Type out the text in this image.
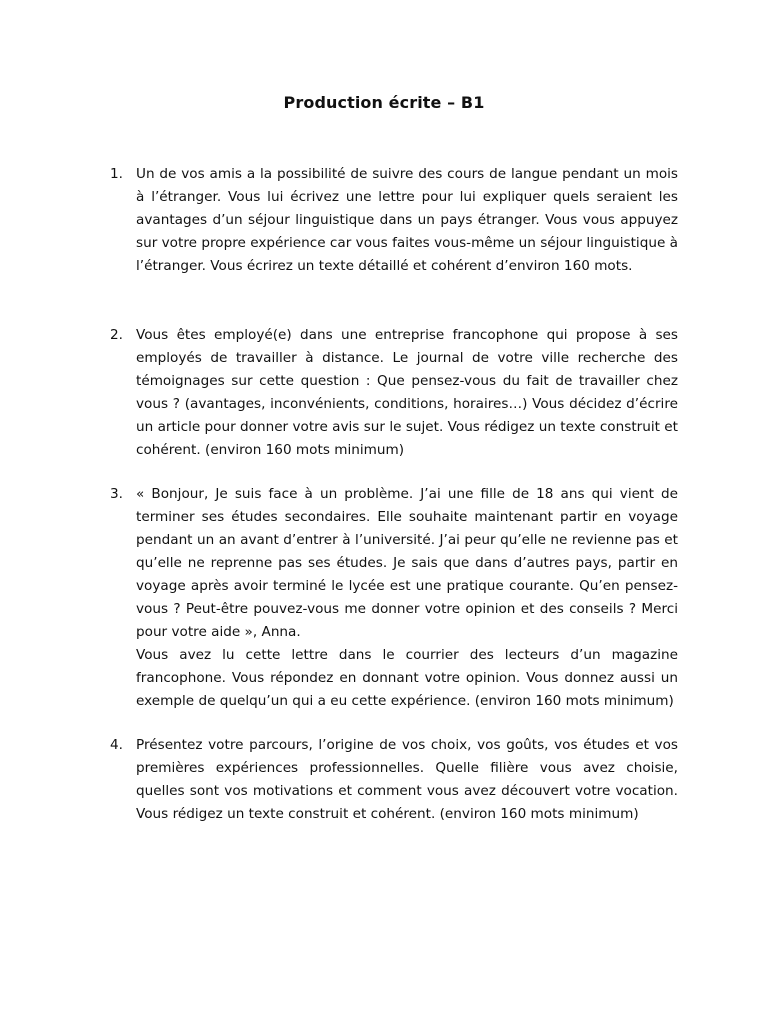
Production écrite – B1
1. Un de vos amis a la possibilité de suivre des cours de langue pendant un mois à l’étranger. Vous lui écrivez une lettre pour lui expliquer quels seraient les avantages d’un séjour linguistique dans un pays étranger. Vous vous appuyez sur votre propre expérience car vous faites vous-même un séjour linguistique à l’étranger. Vous écrirez un texte détaillé et cohérent d’environ 160 mots.

2. Vous êtes employé(e) dans une entreprise francophone qui propose à ses employés de travailler à distance. Le journal de votre ville recherche des témoignages sur cette question : Que pensez-vous du fait de travailler chez vous ? (avantages, inconvénients, conditions, horaires…) Vous décidez d’écrire un article pour donner votre avis sur le sujet. Vous rédigez un texte construit et cohérent. (environ 160 mots minimum)

3. « Bonjour, Je suis face à un problème. J’ai une fille de 18 ans qui vient de terminer ses études secondaires. Elle souhaite maintenant partir en voyage pendant un an avant d’entrer à l’université. J’ai peur qu’elle ne revienne pas et qu’elle ne reprenne pas ses études. Je sais que dans d’autres pays, partir en voyage après avoir terminé le lycée est une pratique courante. Qu’en pensez-vous ? Peut-être pouvez-vous me donner votre opinion et des conseils ? Merci pour votre aide », Anna.

Vous avez lu cette lettre dans le courrier des lecteurs d’un magazine francophone. Vous répondez en donnant votre opinion. Vous donnez aussi un exemple de quelqu’un qui a eu cette expérience. (environ 160 mots minimum)

4. Présentez votre parcours, l’origine de vos choix, vos goûts, vos études et vos premières expériences professionnelles. Quelle filière vous avez choisie, quelles sont vos motivations et comment vous avez découvert votre vocation. Vous rédigez un texte construit et cohérent. (environ 160 mots minimum)
